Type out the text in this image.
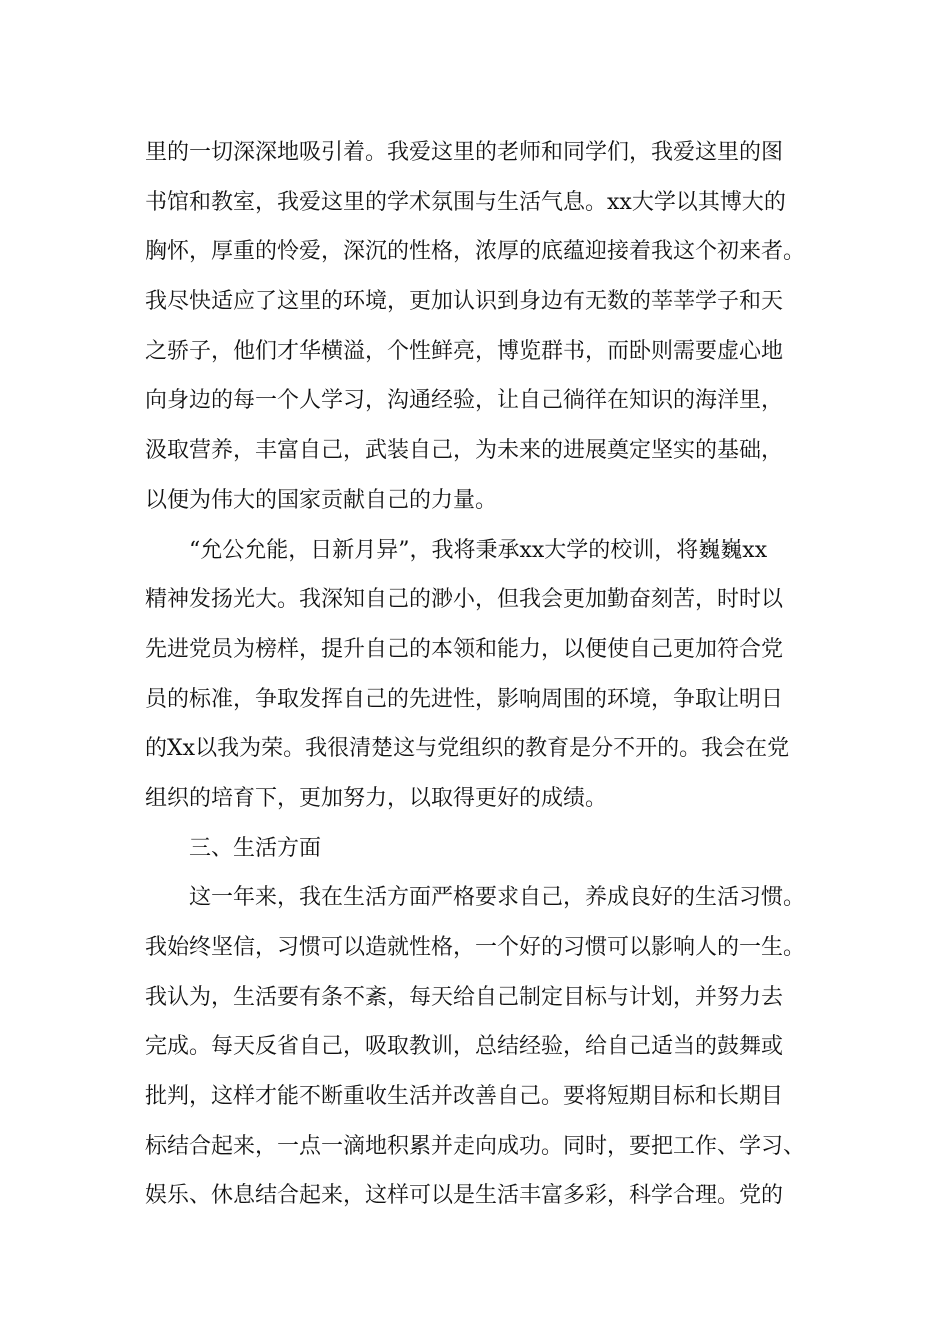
里的一切深深地吸引着。我爱这里的老师和同学们，我爱这里的图
书馆和教室，我爱这里的学术氛围与生活气息。xx大学以其博大的
胸怀，厚重的怜爱，深沉的性格，浓厚的底蕴迎接着我这个初来者。
我尽快适应了这里的环境，更加认识到身边有无数的莘莘学子和天
之骄子，他们才华横溢，个性鲜亮，博览群书，而卧则需要虚心地
向身边的每一个人学习，沟通经验，让自己徜徉在知识的海洋里，
汲取营养，丰富自己，武装自己，为未来的进展奠定坚实的基础，
以便为伟大的国家贡献自己的力量。
“允公允能，日新月异”，我将秉承xx大学的校训，将巍巍xx
精神发扬光大。我深知自己的渺小，但我会更加勤奋刻苦，时时以
先进党员为榜样，提升自己的本领和能力，以便使自己更加符合党
员的标准，争取发挥自己的先进性，影响周围的环境，争取让明日
的Xx以我为荣。我很清楚这与党组织的教育是分不开的。我会在党
组织的培育下，更加努力，以取得更好的成绩。
三、生活方面
这一年来，我在生活方面严格要求自己，养成良好的生活习惯。
我始终坚信，习惯可以造就性格，一个好的习惯可以影响人的一生。
我认为，生活要有条不紊，每天给自己制定目标与计划，并努力去
完成。每天反省自己，吸取教训，总结经验，给自己适当的鼓舞或
批判，这样才能不断重收生活并改善自己。要将短期目标和长期目
标结合起来，一点一滴地积累并走向成功。同时，要把工作、学习、
娱乐、休息结合起来，这样可以是生活丰富多彩，科学合理。党的
